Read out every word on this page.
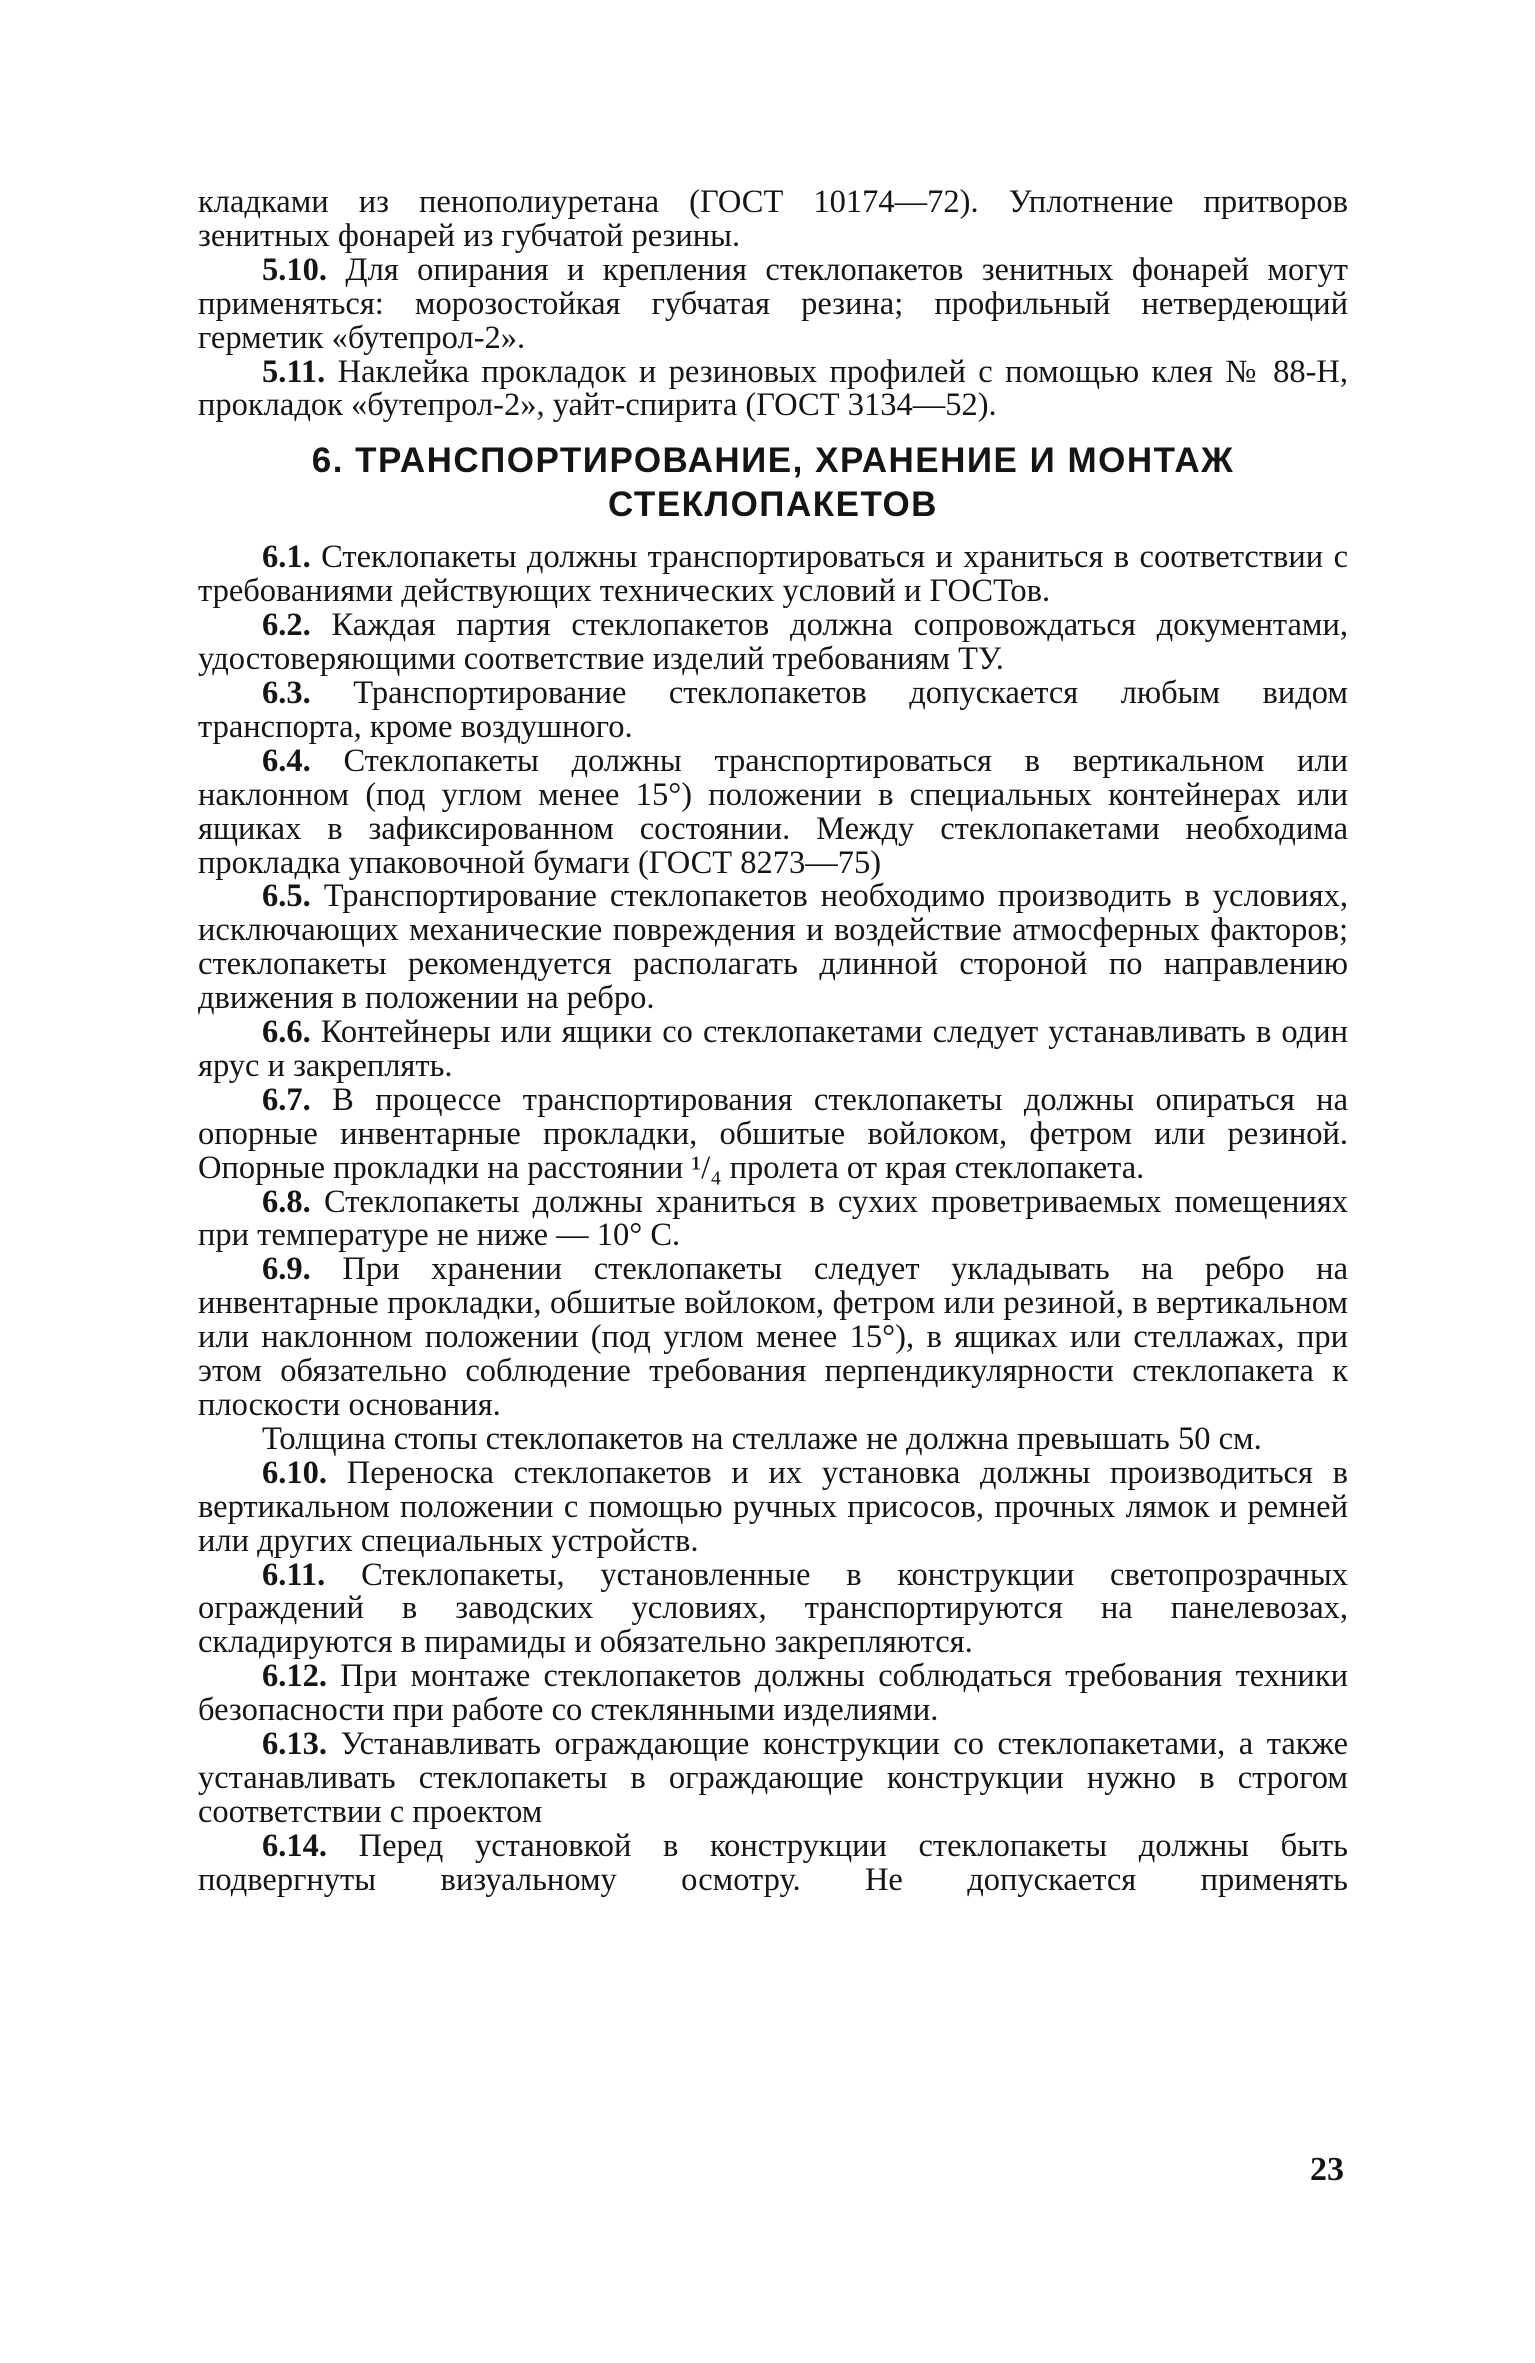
кладками из пенополиуретана (ГОСТ 10174—72). Уплотнение притворов зенитных фонарей из губчатой резины.

5.10. Для опирания и крепления стеклопакетов зенитных фонарей могут применяться: морозостойкая губчатая резина; профильный нетвердеющий герметик «бутепрол-2».

5.11. Наклейка прокладок и резиновых профилей с помощью клея № 88-Н, прокладок «бутепрол-2», уайт-спирита (ГОСТ 3134—52).

6. ТРАНСПОРТИРОВАНИЕ, ХРАНЕНИЕ И МОНТАЖ
СТЕКЛОПАКЕТОВ

6.1. Стеклопакеты должны транспортироваться и храниться в соответствии с требованиями действующих технических условий и ГОСТов.

6.2. Каждая партия стеклопакетов должна сопровождаться документами, удостоверяющими соответствие изделий требованиям ТУ.

6.3. Транспортирование стеклопакетов допускается любым видом транспорта, кроме воздушного.

6.4. Стеклопакеты должны транспортироваться в вертикальном или наклонном (под углом менее 15°) положении в специальных контейнерах или ящиках в зафиксированном состоянии. Между стеклопакетами необходима прокладка упаковочной бумаги (ГОСТ 8273—75)

6.5. Транспортирование стеклопакетов необходимо производить в условиях, исключающих механические повреждения и воздействие атмосферных факторов; стеклопакеты рекомендуется располагать длинной стороной по направлению движения в положении на ребро.

6.6. Контейнеры или ящики со стеклопакетами следует устанавливать в один ярус и закреплять.

6.7. В процессе транспортирования стеклопакеты должны опираться на опорные инвентарные прокладки, обшитые войлоком, фетром или резиной. Опорные прокладки на расстоянии ¹/₄ пролета от края стеклопакета.

6.8. Стеклопакеты должны храниться в сухих проветриваемых помещениях при температуре не ниже — 10° С.

6.9. При хранении стеклопакеты следует укладывать на ребро на инвентарные прокладки, обшитые войлоком, фетром или резиной, в вертикальном или наклонном положении (под углом менее 15°), в ящиках или стеллажах, при этом обязательно соблюдение требования перпендикулярности стеклопакета к плоскости основания.

Толщина стопы стеклопакетов на стеллаже не должна превышать 50 см.

6.10. Переноска стеклопакетов и их установка должны производиться в вертикальном положении с помощью ручных присосов, прочных лямок и ремней или других специальных устройств.

6.11. Стеклопакеты, установленные в конструкции светопрозрачных ограждений в заводских условиях, транспортируются на панелевозах, складируются в пирамиды и обязательно закрепляются.

6.12. При монтаже стеклопакетов должны соблюдаться требования техники безопасности при работе со стеклянными изделиями.

6.13. Устанавливать ограждающие конструкции со стеклопакетами, а также устанавливать стеклопакеты в ограждающие конструкции нужно в строгом соответствии с проектом

6.14. Перед установкой в конструкции стеклопакеты должны быть подвергнуты визуальному осмотру. Не допускается применять

23
